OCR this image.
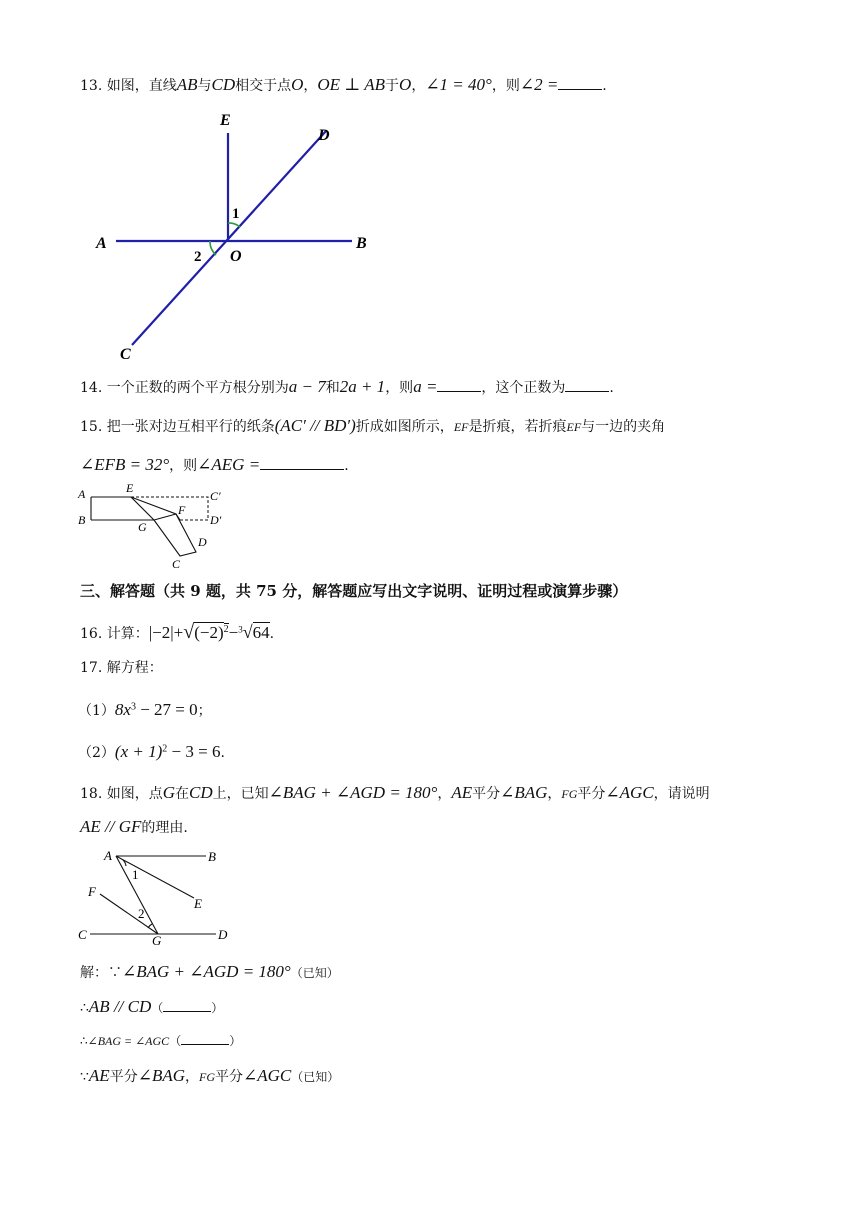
13. 如图，直线AB与CD相交于点O，OE ⊥ AB于O，∠1 = 40°，则∠2 =	.
E
D
A	B
O
C
1
2
14. 一个正数的两个平方根分别为a − 7和2a + 1，则a =	，这个正数为	.
15. 把一张对边互相平行的纸条(AC′ // BD′)折成如图所示，EF是折痕，若折痕EF与一边的夹角
∠EFB = 32°，则∠AEG =	.
A	E
C′
B
F
D′
G
D
C
三、解答题（共 9 题，共 75 分，解答题应写出文字说明、证明过程或演算步骤）
16. 计算：$|-2|+√(-2)^2-^3√64$.
17. 解方程：
$(1)8x^3 - 27 = 0$；
$(2)(x + 1)^2 - 3 = 6$.
18. 如图，点G在CD上，已知∠BAG + ∠AGD = 180°，AE平分∠BAG，FG平分∠AGC，请说明
AE // GF的理由.
A	B
1
F
E
2
C	G	D
解：∵∠BAG + ∠AGD = 180°（已知）
∴AB // CD（	）
∴∠BAG = ∠AGC（	）
∵AE平分∠BAG，FG平分∠AGC（已知）
